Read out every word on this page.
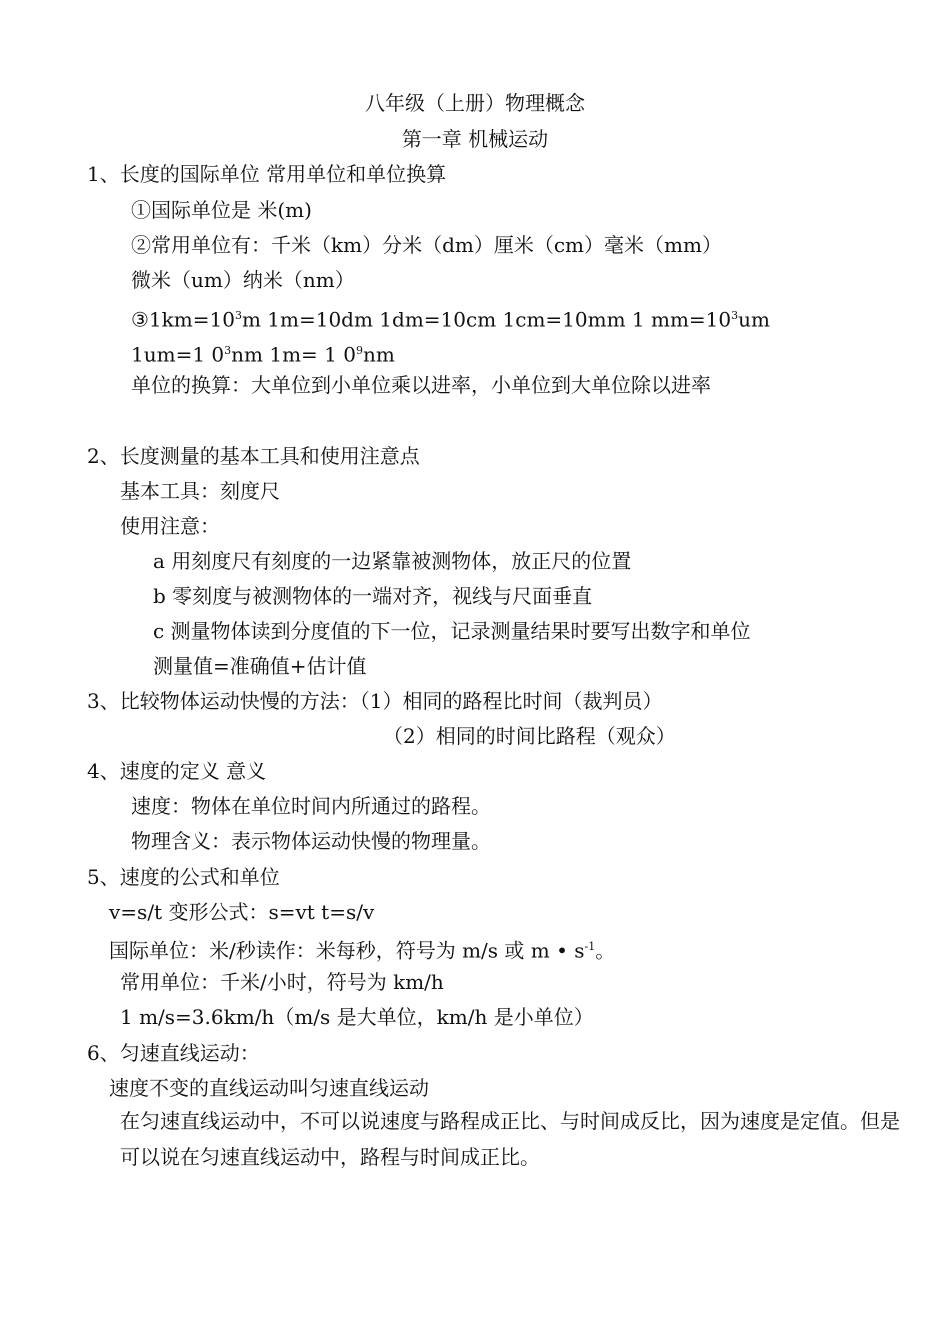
八年级（上册）物理概念
第一章 机械运动
1、长度的国际单位 常用单位和单位换算
①国际单位是 米(m)
②常用单位有：千米（km）分米（dm）厘米（cm）毫米（mm）
微米（um）纳米（nm）
$③1km=10^3m$ 1m=10dm 1dm=10cm 1cm=10mm 1 $mm=10^3um$
1um=1 $0^3nm$ 1m= 1 $0^9nm$
单位的换算：大单位到小单位乘以进率，小单位到大单位除以进率
2、长度测量的基本工具和使用注意点
基本工具：刻度尺
使用注意：
a 用刻度尺有刻度的一边紧靠被测物体，放正尺的位置
b 零刻度与被测物体的一端对齐，视线与尺面垂直
c 测量物体读到分度值的下一位，记录测量结果时要写出数字和单位
测量值=准确值+估计值
3、比较物体运动快慢的方法：（1）相同的路程比时间（裁判员）
（2）相同的时间比路程（观众）
4、速度的定义 意义
速度：物体在单位时间内所通过的路程。
物理含义：表示物体运动快慢的物理量。
5、速度的公式和单位
v=s/t 变形公式：s=vt t=s/v
国际单位：米/秒读作：米每秒，符号为 m/s 或 m • $s^{-1}$。
常用单位：千米/小时，符号为 km/h
1 m/s=3.6km/h（m/s 是大单位，km/h 是小单位）
6、匀速直线运动：
速度不变的直线运动叫匀速直线运动
在匀速直线运动中，不可以说速度与路程成正比、与时间成反比，因为速度是定值。但是可以说在匀速直线运动中，路程与时间成正比。
